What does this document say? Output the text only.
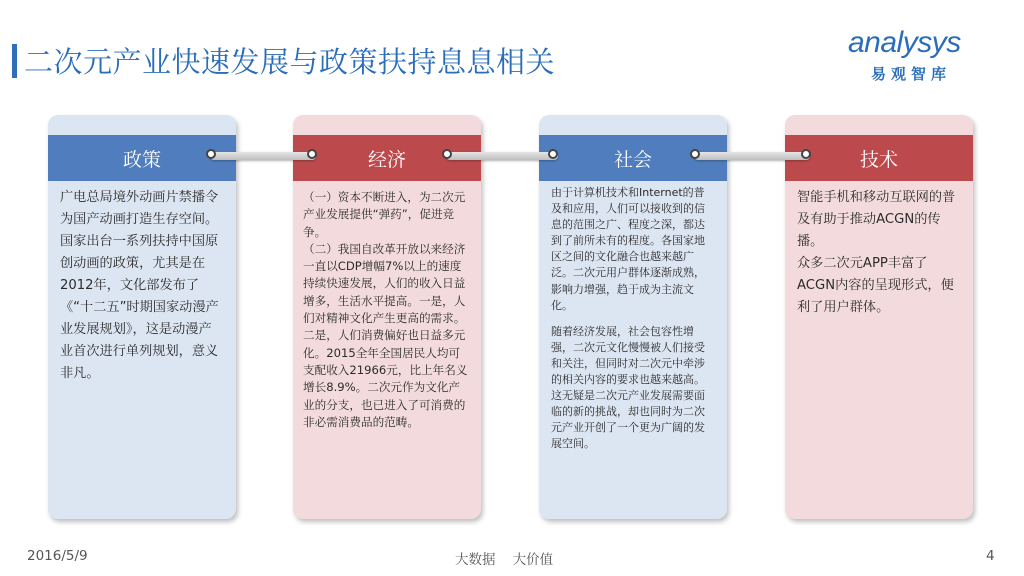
二次元产业快速发展与政策扶持息息相关
analysys
易观智库
政策
广电总局境外动画片禁播令为国产动画打造生存空间。
国家出台一系列扶持中国原创动画的政策，尤其是在2012年，文化部发布了《“十二五”时期国家动漫产业发展规划》，这是动漫产业首次进行单列规划，意义非凡。
经济
（一）资本不断进入，为二次元产业发展提供“弹药”，促进竞争。
（二）我国自改革开放以来经济一直以CDP增幅7%以上的速度持续快速发展，人们的收入日益增多，生活水平提高。一是，人们对精神文化产生更高的需求。二是，人们消费偏好也日益多元化。2015全年全国居民人均可支配收入21966元，比上年名义增长8.9%。二次元作为文化产业的分支，也已进入了可消费的非必需消费品的范畴。
社会
由于计算机技术和Internet的普及和应用，人们可以接收到的信息的范围之广、程度之深，都达到了前所未有的程度。各国家地区之间的文化融合也越来越广泛。二次元用户群体逐渐成熟，影响力增强，趋于成为主流文化。
随着经济发展，社会包容性增强，二次元文化慢慢被人们接受和关注，但同时对二次元中牵涉的相关内容的要求也越来越高。这无疑是二次元产业发展需要面临的新的挑战，却也同时为二次元产业开创了一个更为广阔的发展空间。
技术
智能手机和移动互联网的普及有助于推动ACGN的传播。
众多二次元APP丰富了ACGN内容的呈现形式，便利了用户群体。
2016/5/9	大数据    大价值	4
